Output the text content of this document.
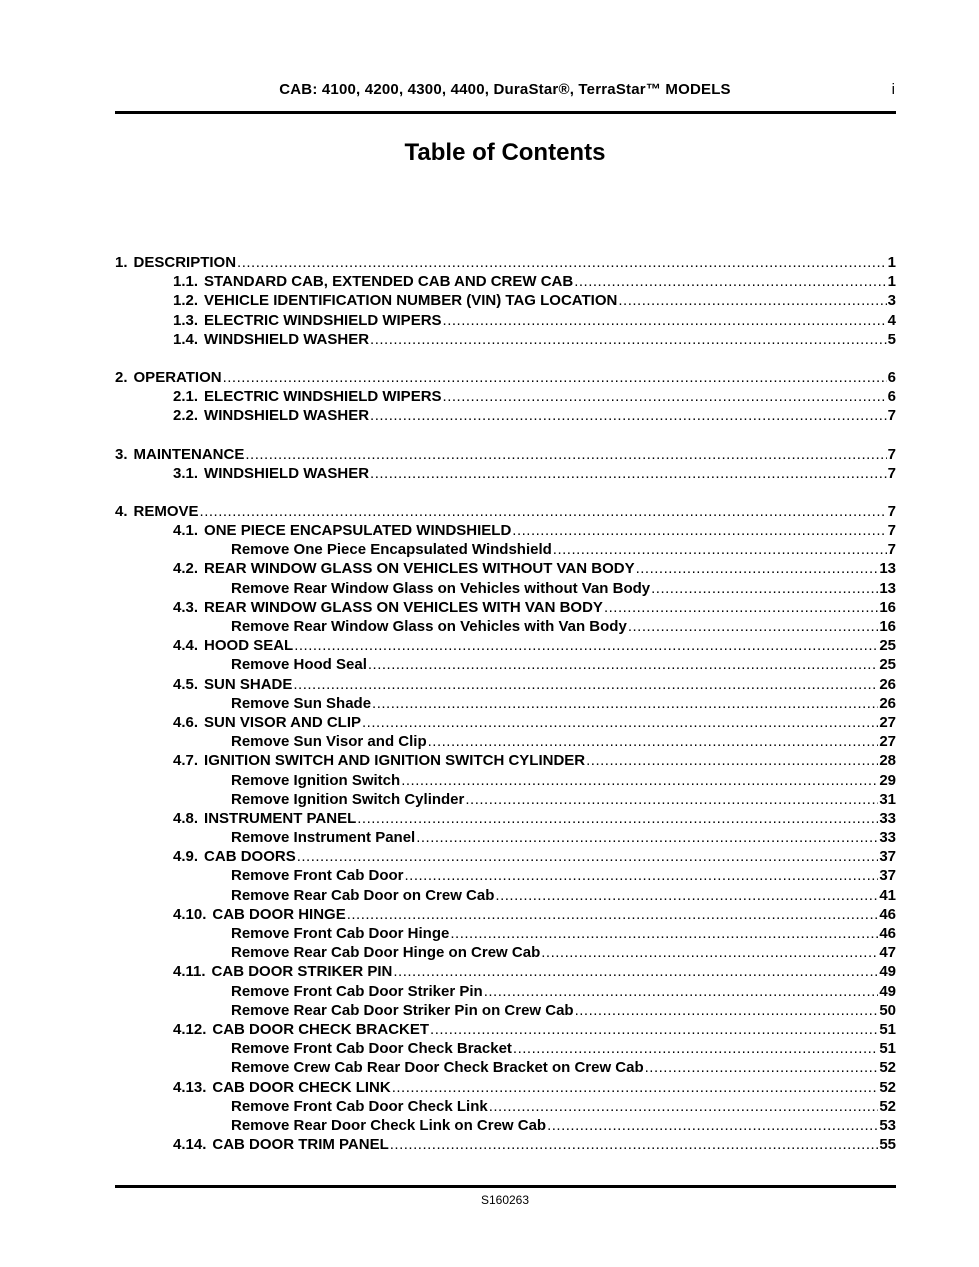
CAB: 4100, 4200, 4300, 4400, DuraStar®, TerraStar™ MODELS	i
Table of Contents
1. DESCRIPTION .....	1
1.1. STANDARD CAB, EXTENDED CAB AND CREW CAB .....	1
1.2. VEHICLE IDENTIFICATION NUMBER (VIN) TAG LOCATION .....	3
1.3. ELECTRIC WINDSHIELD WIPERS .....	4
1.4. WINDSHIELD WASHER .....	5
2. OPERATION .....	6
2.1. ELECTRIC WINDSHIELD WIPERS .....	6
2.2. WINDSHIELD WASHER .....	7
3. MAINTENANCE .....	7
3.1. WINDSHIELD WASHER .....	7
4. REMOVE .....	7
4.1. ONE PIECE ENCAPSULATED WINDSHIELD .....	7
Remove One Piece Encapsulated Windshield .....	7
4.2. REAR WINDOW GLASS ON VEHICLES WITHOUT VAN BODY .....	13
Remove Rear Window Glass on Vehicles without Van Body .....	13
4.3. REAR WINDOW GLASS ON VEHICLES WITH VAN BODY .....	16
Remove Rear Window Glass on Vehicles with Van Body .....	16
4.4. HOOD SEAL .....	25
Remove Hood Seal .....	25
4.5. SUN SHADE .....	26
Remove Sun Shade .....	26
4.6. SUN VISOR AND CLIP .....	27
Remove Sun Visor and Clip .....	27
4.7. IGNITION SWITCH AND IGNITION SWITCH CYLINDER .....	28
Remove Ignition Switch .....	29
Remove Ignition Switch Cylinder .....	31
4.8. INSTRUMENT PANEL .....	33
Remove Instrument Panel .....	33
4.9. CAB DOORS .....	37
Remove Front Cab Door .....	37
Remove Rear Cab Door on Crew Cab .....	41
4.10. CAB DOOR HINGE .....	46
Remove Front Cab Door Hinge .....	46
Remove Rear Cab Door Hinge on Crew Cab .....	47
4.11. CAB DOOR STRIKER PIN .....	49
Remove Front Cab Door Striker Pin .....	49
Remove Rear Cab Door Striker Pin on Crew Cab .....	50
4.12. CAB DOOR CHECK BRACKET .....	51
Remove Front Cab Door Check Bracket .....	51
Remove Crew Cab Rear Door Check Bracket on Crew Cab .....	52
4.13. CAB DOOR CHECK LINK .....	52
Remove Front Cab Door Check Link .....	52
Remove Rear Door Check Link on Crew Cab .....	53
4.14. CAB DOOR TRIM PANEL .....	55
S160263
